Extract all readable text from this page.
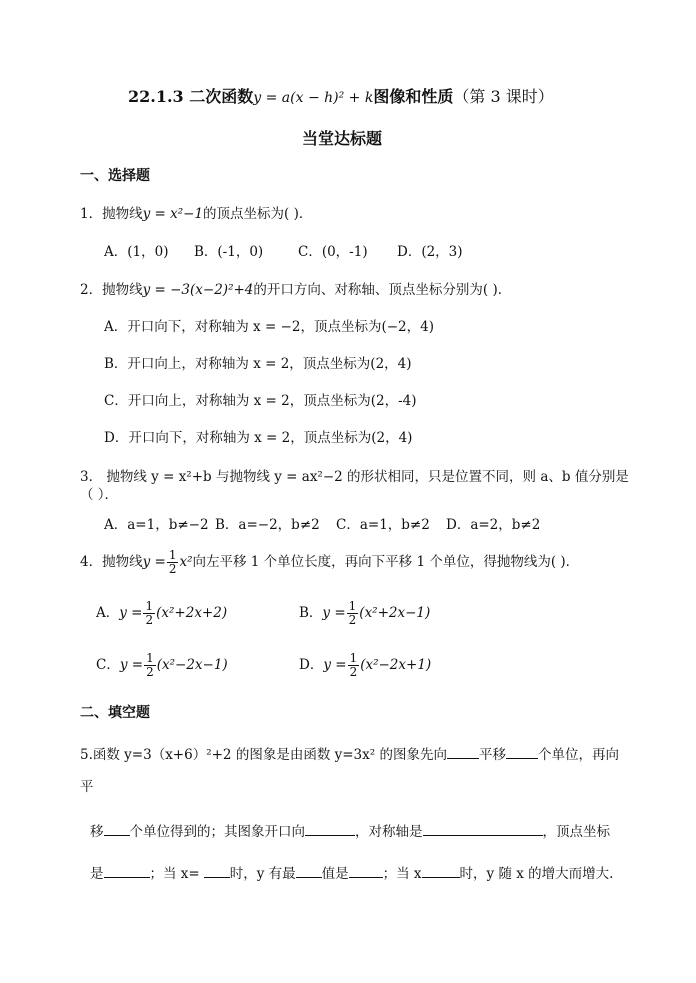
22.1.3 二次函数y = a(x − h)² + k图像和性质（第 3 课时）
当堂达标题
一、选择题
1．抛物线y = x²−1的顶点坐标为( )．
A．(1，0) B．(-1，0)	C．(0，-1) D．(2，3)
2．抛物线y = −3(x−2)²+4的开口方向、对称轴、顶点坐标分别为( )．
A．开口向下，对称轴为 x = −2，顶点坐标为(−2，4)
B．开口向上，对称轴为 x = 2，顶点坐标为(2，4)
C．开口向上，对称轴为 x = 2，顶点坐标为(2，-4)
D．开口向下，对称轴为 x = 2，顶点坐标为(2，4)
3． 抛物线 y = x²+b 与抛物线 y = ax²−2 的形状相同，只是位置不同，则 a、b 值分别是
（ ）．
A．a=1，b≠−2 B．a=−2，b≠2 C．a=1，b≠2 D．a=2，b≠2
4．抛物线$y = \frac{1}{2} x^2$向左平移 1 个单位长度，再向下平移 1 个单位，得抛物线为( )．
A．$y = \frac{1}{2} (x^2+2x+2)$	B．$y = \frac{1}{2} (x^2+2x-1)$
C．$y = \frac{1}{2} (x^2-2x-1)$	D．$y = \frac{1}{2} (x^2-2x+1)$
二、填空题
5.函数 y=3（x+6）²+2 的图象是由函数 y=3x² 的图象先向 平移 个单位，再向
平
移 个单位得到的；其图象开口向	，对称轴是	，顶点坐标
是	；当 x= 时，y 有最 值是	；当 x	时，y 随 x 的增大而增大.
